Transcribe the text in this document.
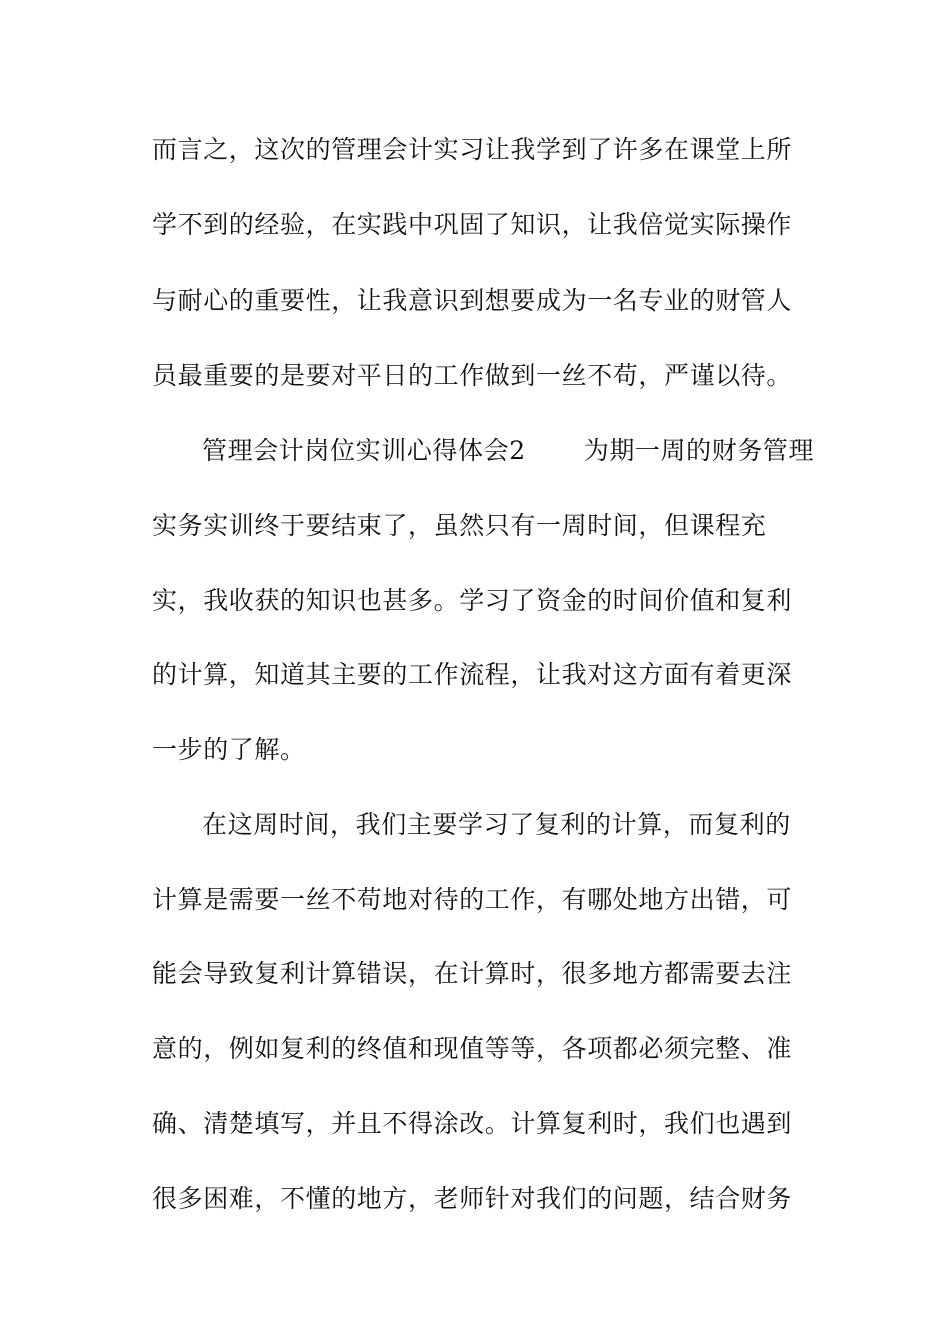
而言之，这次的管理会计实习让我学到了许多在课堂上所
学不到的经验，在实践中巩固了知识，让我倍觉实际操作
与耐心的重要性，让我意识到想要成为一名专业的财管人
员最重要的是要对平日的工作做到一丝不苟，严谨以待。
管理会计岗位实训心得体会2 为期一周的财务管理
实务实训终于要结束了，虽然只有一周时间，但课程充
实，我收获的知识也甚多。学习了资金的时间价值和复利
的计算，知道其主要的工作流程，让我对这方面有着更深
一步的了解。
在这周时间，我们主要学习了复利的计算，而复利的
计算是需要一丝不苟地对待的工作，有哪处地方出错，可
能会导致复利计算错误，在计算时，很多地方都需要去注
意的，例如复利的终值和现值等等，各项都必须完整、准
确、清楚填写，并且不得涂改。计算复利时，我们也遇到
很多困难，不懂的地方，老师针对我们的问题，结合财务
